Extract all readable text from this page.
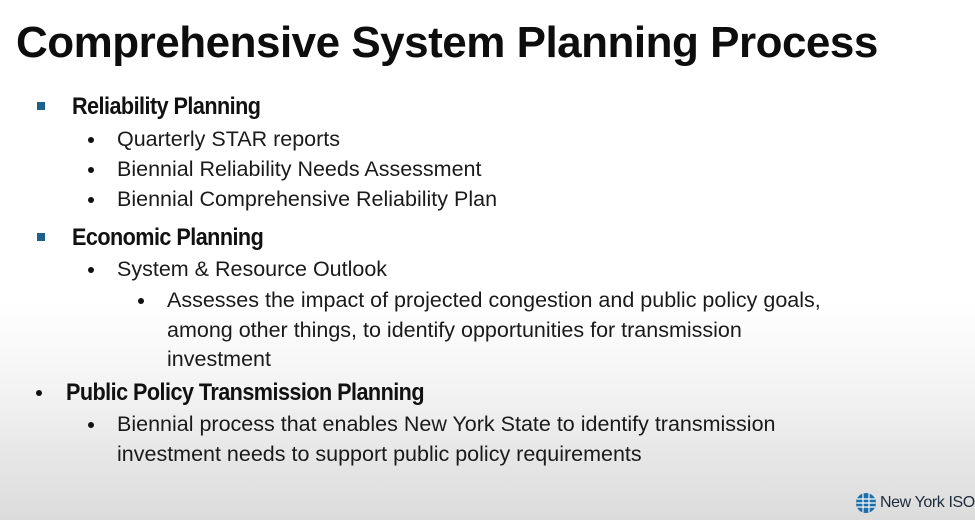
Comprehensive System Planning Process
Reliability Planning
Quarterly STAR reports
Biennial Reliability Needs Assessment
Biennial Comprehensive Reliability Plan
Economic Planning
System & Resource Outlook
Assesses the impact of projected congestion and public policy goals,
among other things, to identify opportunities for transmission
investment
Public Policy Transmission Planning
Biennial process that enables New York State to identify transmission
investment needs to support public policy requirements
New York ISO
